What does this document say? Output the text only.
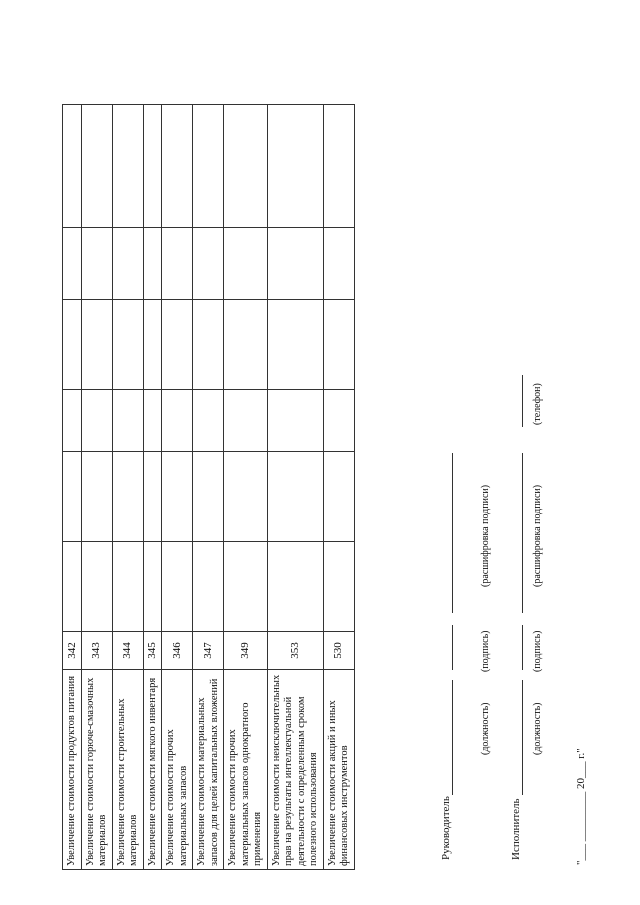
Увеличение стоимости продуктов питания	342						
Увеличение стоимости горюче-смазочных материалов	343						
Увеличение стоимости строительных материалов	344						
Увеличение стоимости мягкого инвентаря	345						
Увеличение стоимости прочих материальных запасов	346						
Увеличение стоимости материальных запасов для целей капитальных вложений	347						
Увеличение стоимости прочих материальных запасов однократного применения	349						
Увеличение стоимости неисключительных прав на результаты интеллектуальной деятельности с определенным сроком полезного использования	353						
Увеличение стоимости акций и иных финансовых инструментов	530						
Руководитель
(должность)
(подпись)
(расшифровка подписи)
Исполнитель
(должность)
(подпись)
(расшифровка подписи)
(телефон)
"___ _________ 20___ г."
